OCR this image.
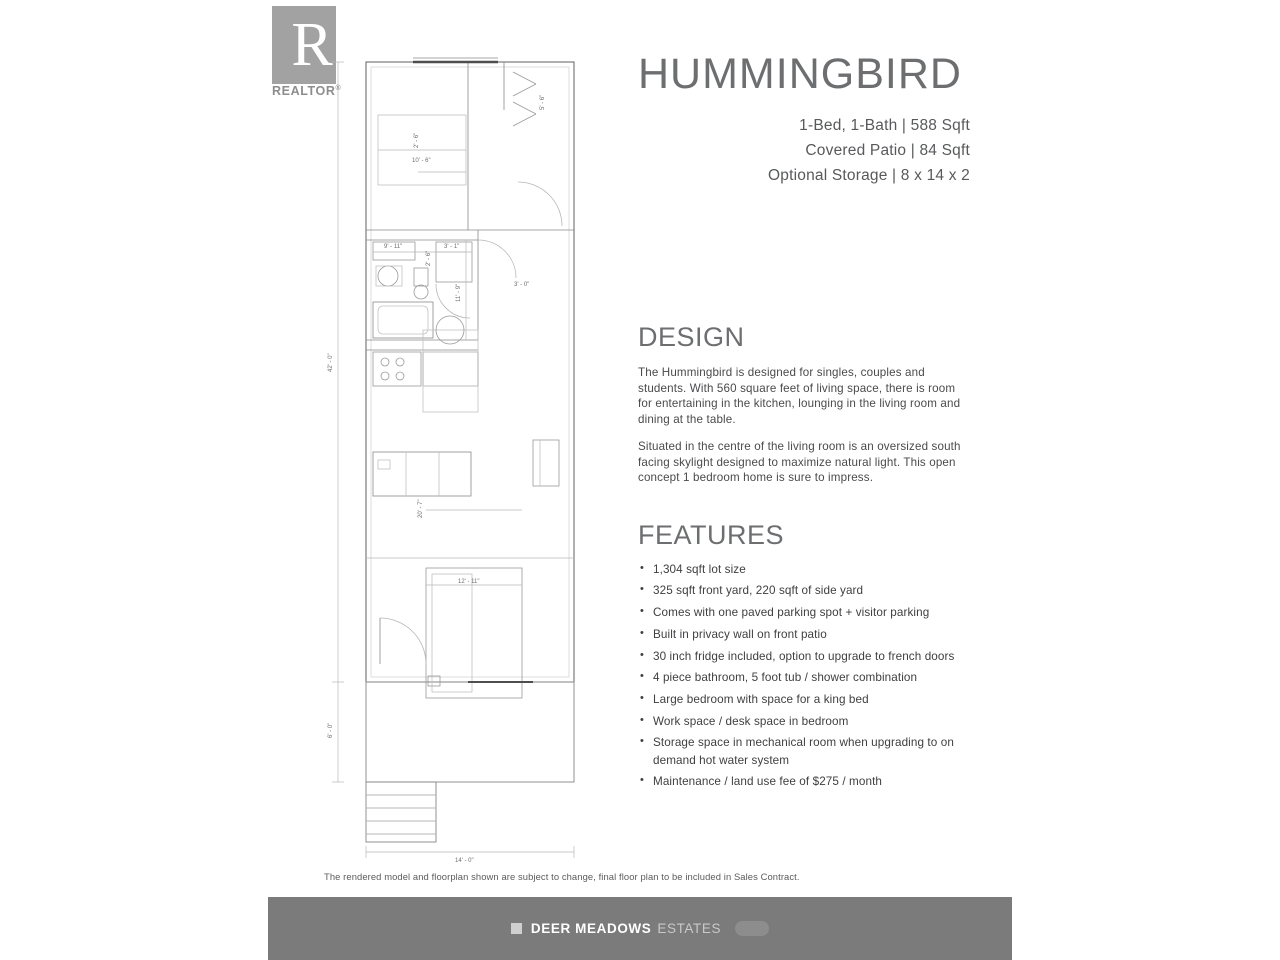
R
REALTOR®
10' - 6"
2' - 6"
5' - 6"
9' - 11"	3' - 1"
3' - 0"
11' - 9"
2' - 6"
42' - 0"
20' - 7"
12' - 11"
6' - 0"
14' - 0"
HUMMINGBIRD
1-Bed, 1-Bath | 588 Sqft
Covered Patio | 84 Sqft
Optional Storage | 8 x 14 x 2
DESIGN

The Hummingbird is designed for singles, couples and students. With 560 square feet of living space, there is room for entertaining in the kitchen, lounging in the living room and dining at the table.

Situated in the centre of the living room is an oversized south facing skylight designed to maximize natural light. This open concept 1 bedroom home is sure to impress.

FEATURES
• 1,304 sqft lot size
• 325 sqft front yard, 220 sqft of side yard
• Comes with one paved parking spot + visitor parking
• Built in privacy wall on front patio
• 30 inch fridge included, option to upgrade to french doors
• 4 piece bathroom, 5 foot tub / shower combination
• Large bedroom with space for a king bed
• Work space / desk space in bedroom
• Storage space in mechanical room when upgrading to on demand hot water system
• Maintenance / land use fee of $275 / month
The rendered model and floorplan shown are subject to change, final floor plan to be included in Sales Contract.
DEER MEADOWS ESTATES
